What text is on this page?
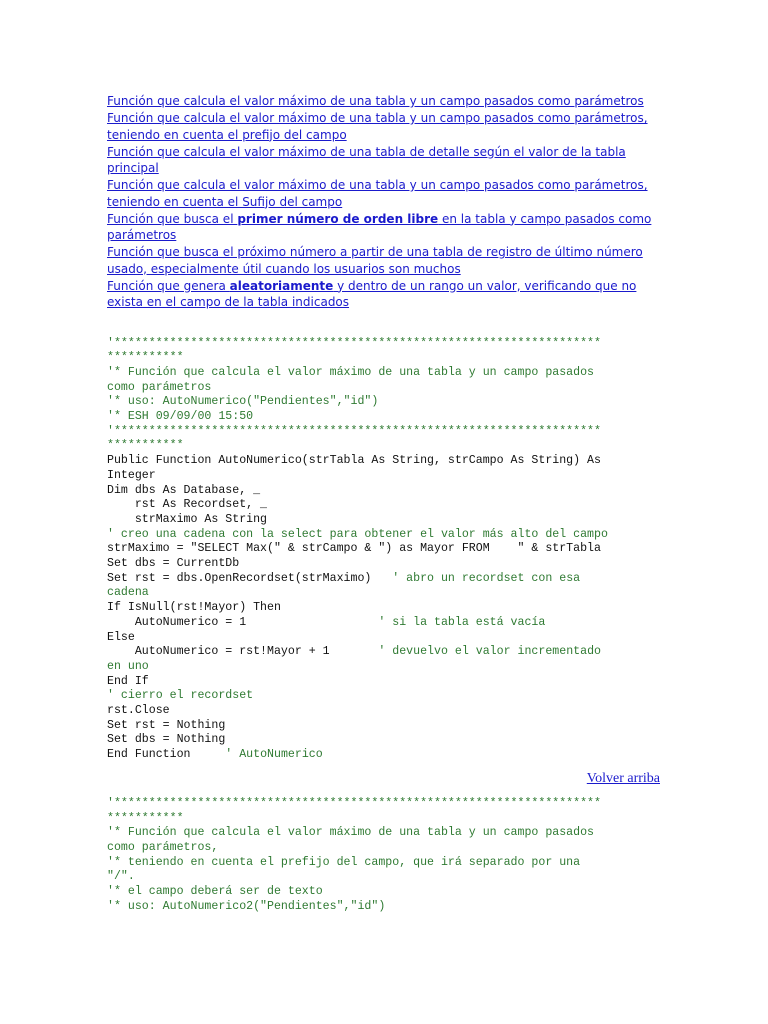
Función que calcula el valor máximo de una tabla y un campo pasados como parámetros
Función que calcula el valor máximo de una tabla y un campo pasados como parámetros, teniendo en cuenta el prefijo del campo
Función que calcula el valor máximo de una tabla de detalle según el valor de la tabla principal
Función que calcula el valor máximo de una tabla y un campo pasados como parámetros, teniendo en cuenta el Sufijo del campo
Función que busca el primer número de orden libre en la tabla y campo pasados como parámetros
Función que busca el próximo número a partir de una tabla de registro de último número usado, especialmente útil cuando los usuarios son muchos
Función que genera aleatoriamente y dentro de un rango un valor, verificando que no exista en el campo de la tabla indicados
'**********************************************************************
***********
'* Función que calcula el valor máximo de una tabla y un campo pasados
como parámetros
'* uso: AutoNumerico("Pendientes","id")
'* ESH 09/09/00 15:50
'**********************************************************************
***********
Public Function AutoNumerico(strTabla As String, strCampo As String) As
Integer
Dim dbs As Database, _
rst As Recordset, _
strMaximo As String
' creo una cadena con la select para obtener el valor más alto del campo
strMaximo = "SELECT Max(" & strCampo & ") as Mayor FROM    " & strTabla
Set dbs = CurrentDb
Set rst = dbs.OpenRecordset(strMaximo)   ' abro un recordset con esa
cadena
If IsNull(rst!Mayor) Then
AutoNumerico = 1                   ' si la tabla está vacía
Else
AutoNumerico = rst!Mayor + 1       ' devuelvo el valor incrementado
en uno
End If
' cierro el recordset
rst.Close
Set rst = Nothing
Set dbs = Nothing
End Function     ' AutoNumerico
Volver arriba
'**********************************************************************
***********
'* Función que calcula el valor máximo de una tabla y un campo pasados
como parámetros,
'* teniendo en cuenta el prefijo del campo, que irá separado por una
"/".
'* el campo deberá ser de texto
'* uso: AutoNumerico2("Pendientes","id")
